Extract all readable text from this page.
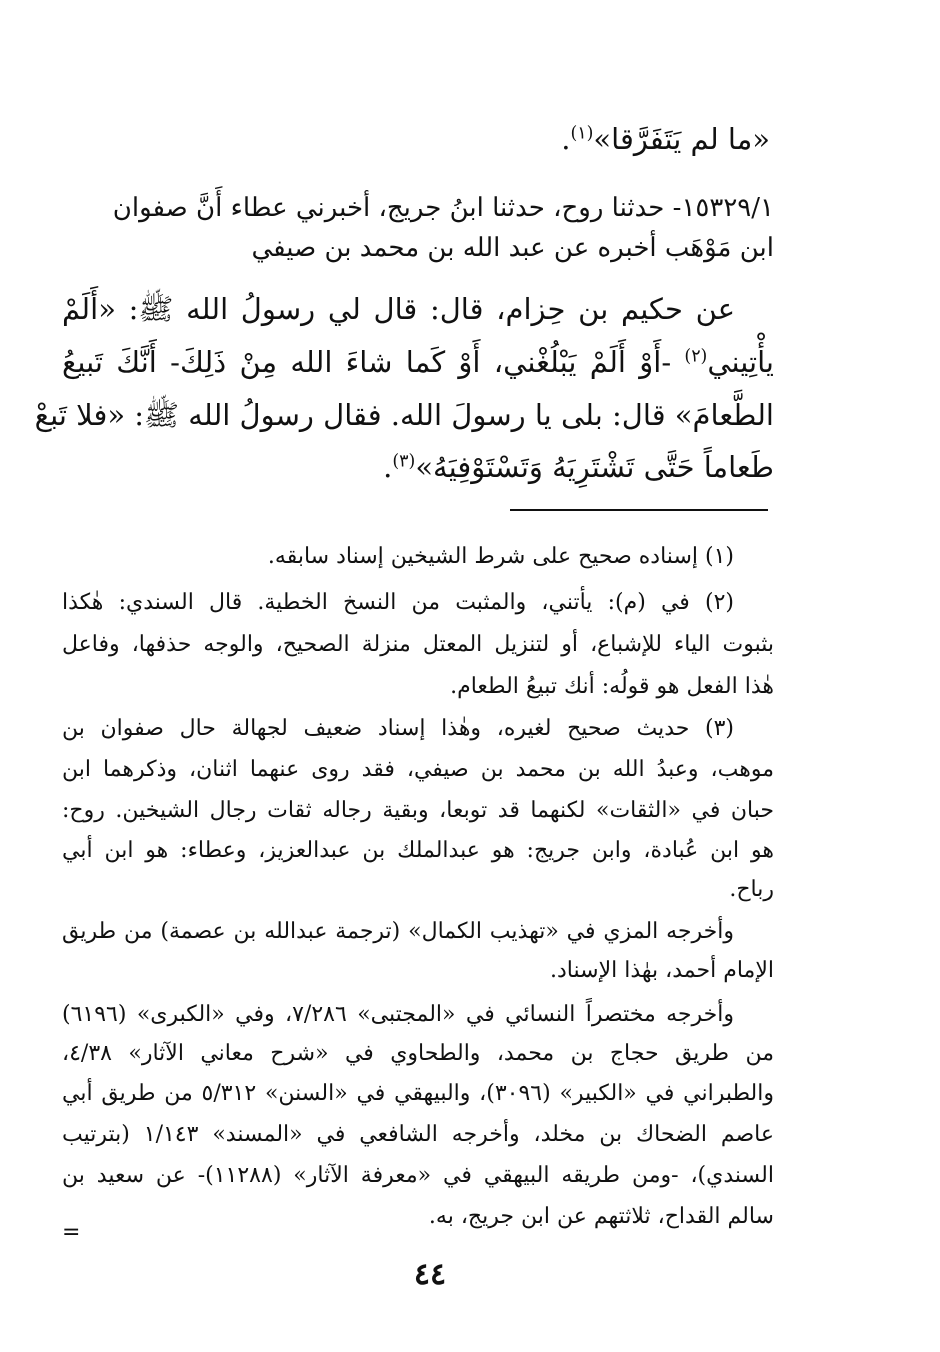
«ما لم يَتَفَرَّقا»$^{(١)}$.
١٥٣٢٩/١- حدثنا روح، حدثنا ابنُ جريج، أخبرني عطاء أَنَّ صفوان
ابن مَوْهَب أخبره عن عبد الله بن محمد بن صيفي
عن حكيم بن حِزام، قال: قال لي رسولُ الله ﷺ: «أَلَمْ
يأْتِيني$^{(٢)}$ -أَوْ أَلَمْ يَبْلُغْني، أَوْ كَما شاءَ الله مِنْ ذَلِكَ- أَنَّكَ تَبيعُ
الطَّعامَ» قال: بلى يا رسولَ الله. فقال رسولُ الله ﷺ: «فلا تَبعْ
طَعاماً حَتَّى تَشْتَرِيَهُ وَتَسْتَوْفِيَهُ»$^{(٣)}$.
(١) إسناده صحيح على شرط الشيخين إسناد سابقه.
(٢) في (م): يأتني، والمثبت من النسخ الخطية. قال السندي: هٰكذا
بثبوت الياء للإشباع، أو لتنزيل المعتل منزلة الصحيح، والوجه حذفها، وفاعل
هٰذا الفعل هو قولُه: أنك تبيعُ الطعام.
(٣) حديث صحيح لغيره، وهٰذا إسناد ضعيف لجهالة حال صفوان بن
موهب، وعبدُ الله بن محمد بن صيفي، فقد روى عنهما اثنان، وذكرهما ابن
حبان في «الثقات» لكنهما قد توبعا، وبقية رجاله ثقات رجال الشيخين. روح:
هو ابن عُبادة، وابن جريج: هو عبدالملك بن عبدالعزيز، وعطاء: هو ابن أبي
رباح.
وأخرجه المزي في «تهذيب الكمال» (ترجمة عبدالله بن عصمة) من طريق
الإمام أحمد، بهٰذا الإسناد.
وأخرجه مختصراً النسائي في «المجتبى» ٧/٢٨٦، وفي «الكبرى» (٦١٩٦)
من طريق حجاج بن محمد، والطحاوي في «شرح معاني الآثار» ٤/٣٨،
والطبراني في «الكبير» (٣٠٩٦)، والبيهقي في «السنن» ٥/٣١٢ من طريق أبي
عاصم الضحاك بن مخلد، وأخرجه الشافعي في «المسند» ١/١٤٣ (بترتيب
السندي)، -ومن طريقه البيهقي في «معرفة الآثار» (١١٢٨٨)- عن سعيد بن
سالم القداح، ثلاثتهم عن ابن جريج، به.
=
٤٤
